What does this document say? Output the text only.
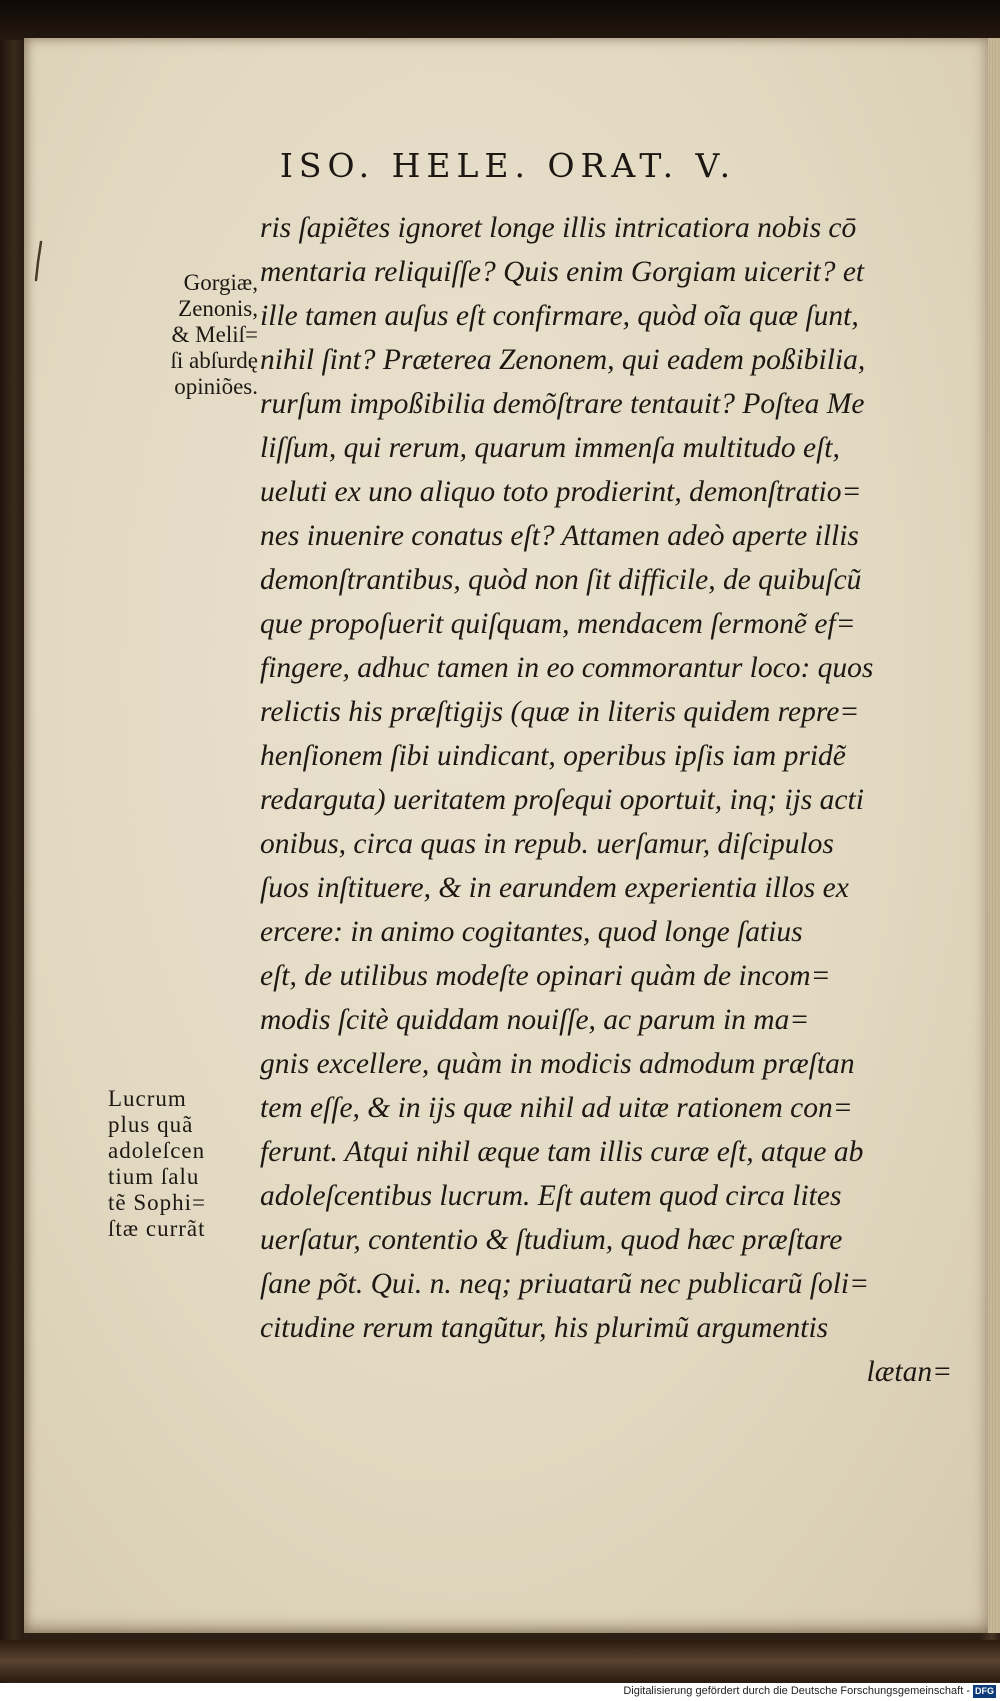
ISO. HELE. ORAT. V.
Gorgiæ,
Zenonis,
& Meliſ=
ſi abſurdę
opiniões.
Lucrum
plus quã
adoleſcen
tium ſalu
tẽ Sophi=
ſtæ currãt
ris ſapiẽtes ignoret longe illis intricatiora nobis cō
mentaria reliquiſſe? Quis enim Gorgiam uicerit? et
ille tamen auſus eſt confirmare, quòd oĩa quæ ſunt,
nihil ſint? Præterea Zenonem, qui eadem poßibilia,
rurſum impoßibilia demõſtrare tentauit? Poſtea Me
liſſum, qui rerum, quarum immenſa multitudo eſt,
ueluti ex uno aliquo toto prodierint, demonſtratio=
nes inuenire conatus eſt? Attamen adeò aperte illis
demonſtrantibus, quòd non ſit difficile, de quibuſcũ
que propoſuerit quiſquam, mendacem ſermonẽ ef=
fingere, adhuc tamen in eo commorantur loco: quos
relictis his præſtigijs (quæ in literis quidem repre=
henſionem ſibi uindicant, operibus ipſis iam pridẽ
redarguta) ueritatem proſequi oportuit, inq; ijs acti
onibus, circa quas in repub. uerſamur, diſcipulos
ſuos inſtituere, & in earundem experientia illos ex
ercere: in animo cogitantes, quod longe ſatius
eſt, de utilibus modeſte opinari quàm de incom=
modis ſcitè quiddam nouiſſe, ac parum in ma=
gnis excellere, quàm in modicis admodum præſtan
tem eſſe, & in ijs quæ nihil ad uitæ rationem con=
ferunt. Atqui nihil æque tam illis curæ eſt, atque ab
adoleſcentibus lucrum. Eſt autem quod circa lites
uerſatur, contentio & ſtudium, quod hæc præſtare
ſane põt. Qui. n. neq; priuatarũ nec publicarũ ſoli=
citudine rerum tangũtur, his plurimũ argumentis
lætan=
Digitalisierung gefördert durch die Deutsche Forschungsgemeinschaft - DFG
